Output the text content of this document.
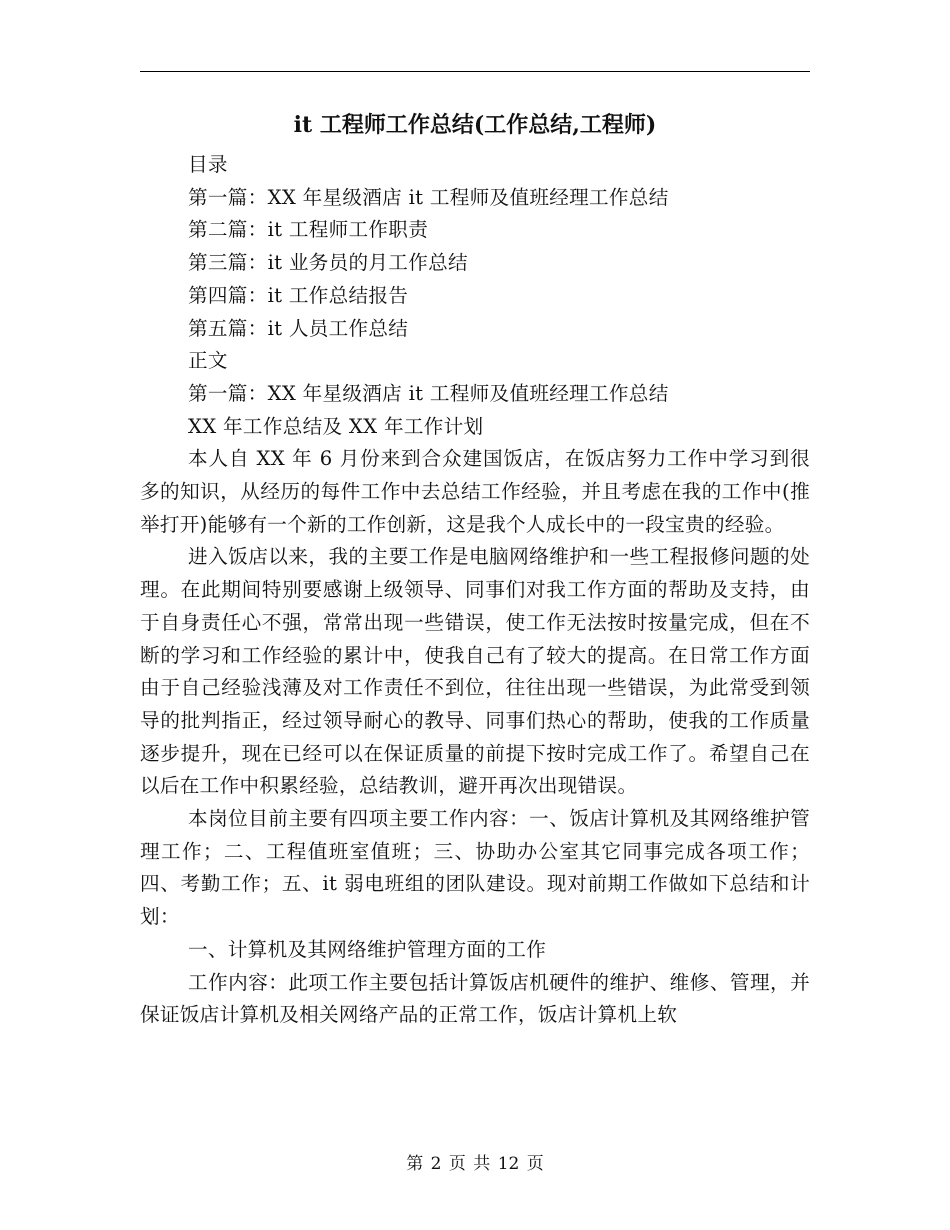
it 工程师工作总结(工作总结,工程师)
目录
第一篇：XX 年星级酒店 it 工程师及值班经理工作总结
第二篇：it 工程师工作职责
第三篇：it 业务员的月工作总结
第四篇：it 工作总结报告
第五篇：it 人员工作总结
正文
第一篇：XX 年星级酒店 it 工程师及值班经理工作总结
XX 年工作总结及 XX 年工作计划

本人自 XX 年 6 月份来到合众建国饭店，在饭店努力工作中学习到很多的知识，从经历的每件工作中去总结工作经验，并且考虑在我的工作中(推举打开)能够有一个新的工作创新，这是我个人成长中的一段宝贵的经验。

进入饭店以来，我的主要工作是电脑网络维护和一些工程报修问题的处理。在此期间特别要感谢上级领导、同事们对我工作方面的帮助及支持，由于自身责任心不强，常常出现一些错误，使工作无法按时按量完成，但在不断的学习和工作经验的累计中，使我自己有了较大的提高。在日常工作方面由于自己经验浅薄及对工作责任不到位，往往出现一些错误，为此常受到领导的批判指正，经过领导耐心的教导、同事们热心的帮助，使我的工作质量逐步提升，现在已经可以在保证质量的前提下按时完成工作了。希望自己在以后在工作中积累经验，总结教训，避开再次出现错误。

本岗位目前主要有四项主要工作内容：一、饭店计算机及其网络维护管理工作；二、工程值班室值班；三、协助办公室其它同事完成各项工作；四、考勤工作；五、it 弱电班组的团队建设。现对前期工作做如下总结和计划：

一、计算机及其网络维护管理方面的工作

工作内容：此项工作主要包括计算饭店机硬件的维护、维修、管理，并保证饭店计算机及相关网络产品的正常工作，饭店计算机上软

第 2 页 共 12 页
